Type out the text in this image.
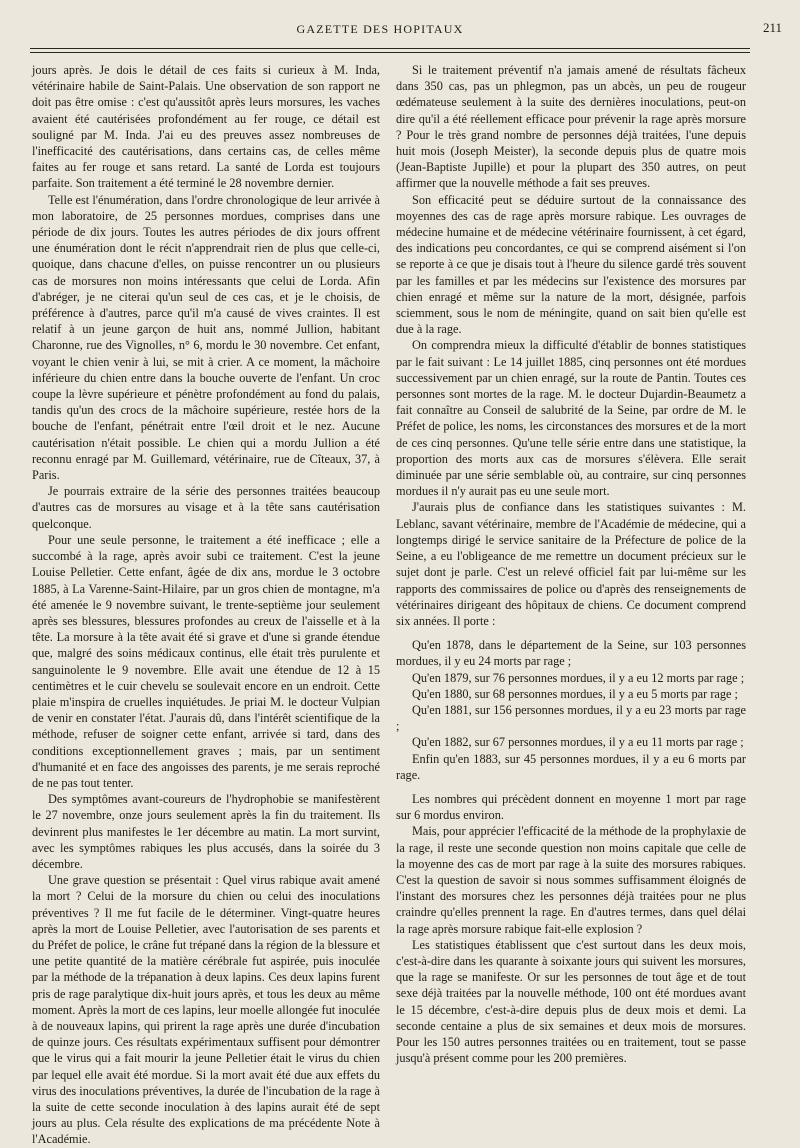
GAZETTE DES HOPITAUX	211

jours après. Je dois le détail de ces faits si curieux à M. Inda, vétérinaire habile de Saint-Palais. Une observation de son rapport ne doit pas être omise : c'est qu'aussitôt après leurs morsures, les vaches avaient été cautérisées profondément au fer rouge, ce détail est souligné par M. Inda. J'ai eu des preuves assez nombreuses de l'inefficacité des cautérisations, dans certains cas, de celles même faites au fer rouge et sans retard. La santé de Lorda est toujours parfaite. Son traitement a été terminé le 28 novembre dernier.

Telle est l'énumération, dans l'ordre chronologique de leur arrivée à mon laboratoire, de 25 personnes mordues, comprises dans une période de dix jours. Toutes les autres périodes de dix jours offrent une énumération dont le récit n'apprendrait rien de plus que celle-ci, quoique, dans chacune d'elles, on puisse rencontrer un ou plusieurs cas de morsures non moins intéressants que celui de Lorda. Afin d'abréger, je ne citerai qu'un seul de ces cas, et je le choisis, de préférence à d'autres, parce qu'il m'a causé de vives craintes. Il est relatif à un jeune garçon de huit ans, nommé Jullion, habitant Charonne, rue des Vignolles, n° 6, mordu le 30 novembre. Cet enfant, voyant le chien venir à lui, se mit à crier. A ce moment, la mâchoire inférieure du chien entre dans la bouche ouverte de l'enfant. Un croc coupe la lèvre supérieure et pénètre profondément au fond du palais, tandis qu'un des crocs de la mâchoire supérieure, restée hors de la bouche de l'enfant, pénétrait entre l'œil droit et le nez. Aucune cautérisation n'était possible. Le chien qui a mordu Jullion a été reconnu enragé par M. Guillemard, vétérinaire, rue de Cîteaux, 37, à Paris.

Je pourrais extraire de la série des personnes traitées beaucoup d'autres cas de morsures au visage et à la tête sans cautérisation quelconque.

Pour une seule personne, le traitement a été inefficace ; elle a succombé à la rage, après avoir subi ce traitement. C'est la jeune Louise Pelletier. Cette enfant, âgée de dix ans, mordue le 3 octobre 1885, à La Varenne-Saint-Hilaire, par un gros chien de montagne, m'a été amenée le 9 novembre suivant, le trente-septième jour seulement après ses blessures, blessures profondes au creux de l'aisselle et à la tête. La morsure à la tête avait été si grave et d'une si grande étendue que, malgré des soins médicaux continus, elle était très purulente et sanguinolente le 9 novembre. Elle avait une étendue de 12 à 15 centimètres et le cuir chevelu se soulevait encore en un endroit. Cette plaie m'inspira de cruelles inquiétudes. Je priai M. le docteur Vulpian de venir en constater l'état. J'aurais dû, dans l'intérêt scientifique de la méthode, refuser de soigner cette enfant, arrivée si tard, dans des conditions exceptionnellement graves ; mais, par un sentiment d'humanité et en face des angoisses des parents, je me serais reproché de ne pas tout tenter.

Des symptômes avant-coureurs de l'hydrophobie se manifestèrent le 27 novembre, onze jours seulement après la fin du traitement. Ils devinrent plus manifestes le 1er décembre au matin. La mort survint, avec les symptômes rabiques les plus accusés, dans la soirée du 3 décembre.

Une grave question se présentait : Quel virus rabique avait amené la mort ? Celui de la morsure du chien ou celui des inoculations préventives ? Il me fut facile de le déterminer. Vingt-quatre heures après la mort de Louise Pelletier, avec l'autorisation de ses parents et du Préfet de police, le crâne fut trépané dans la région de la blessure et une petite quantité de la matière cérébrale fut aspirée, puis inoculée par la méthode de la trépanation à deux lapins. Ces deux lapins furent pris de rage paralytique dix-huit jours après, et tous les deux au même moment. Après la mort de ces lapins, leur moelle allongée fut inoculée à de nouveaux lapins, qui prirent la rage après une durée d'incubation de quinze jours. Ces résultats expérimentaux suffisent pour démontrer que le virus qui a fait mourir la jeune Pelletier était le virus du chien par lequel elle avait été mordue. Si la mort avait été due aux effets du virus des inoculations préventives, la durée de l'incubation de la rage à la suite de cette seconde inoculation à des lapins aurait été de sept jours au plus. Cela résulte des explications de ma précédente Note à l'Académie.

Si le traitement préventif n'a jamais amené de résultats fâcheux dans 350 cas, pas un phlegmon, pas un abcès, un peu de rougeur œdémateuse seulement à la suite des dernières inoculations, peut-on dire qu'il a été réellement efficace pour prévenir la rage après morsure ? Pour le très grand nombre de personnes déjà traitées, l'une depuis huit mois (Joseph Meister), la seconde depuis plus de quatre mois (Jean-Baptiste Jupille) et pour la plupart des 350 autres, on peut affirmer que la nouvelle méthode a fait ses preuves.

Son efficacité peut se déduire surtout de la connaissance des moyennes des cas de rage après morsure rabique. Les ouvrages de médecine humaine et de médecine vétérinaire fournissent, à cet égard, des indications peu concordantes, ce qui se comprend aisément si l'on se reporte à ce que je disais tout à l'heure du silence gardé très souvent par les familles et par les médecins sur l'existence des morsures par chien enragé et même sur la nature de la mort, désignée, parfois sciemment, sous le nom de méningite, quand on sait bien qu'elle est due à la rage.

On comprendra mieux la difficulté d'établir de bonnes statistiques par le fait suivant : Le 14 juillet 1885, cinq personnes ont été mordues successivement par un chien enragé, sur la route de Pantin. Toutes ces personnes sont mortes de la rage. M. le docteur Dujardin-Beaumetz a fait connaître au Conseil de salubrité de la Seine, par ordre de M. le Préfet de police, les noms, les circonstances des morsures et de la mort de ces cinq personnes. Qu'une telle série entre dans une statistique, la proportion des morts aux cas de morsures s'élèvera. Elle serait diminuée par une série semblable où, au contraire, sur cinq personnes mordues il n'y aurait pas eu une seule mort.

J'aurais plus de confiance dans les statistiques suivantes : M. Leblanc, savant vétérinaire, membre de l'Académie de médecine, qui a longtemps dirigé le service sanitaire de la Préfecture de police de la Seine, a eu l'obligeance de me remettre un document précieux sur le sujet dont je parle. C'est un relevé officiel fait par lui-même sur les rapports des commissaires de police ou d'après des renseignements de vétérinaires dirigeant des hôpitaux de chiens. Ce document comprend six années. Il porte :

Qu'en 1878, dans le département de la Seine, sur 103 personnes mordues, il y eu 24 morts par rage ;

Qu'en 1879, sur 76 personnes mordues, il y a eu 12 morts par rage ;

Qu'en 1880, sur 68 personnes mordues, il y a eu 5 morts par rage ;

Qu'en 1881, sur 156 personnes mordues, il y a eu 23 morts par rage ;

Qu'en 1882, sur 67 personnes mordues, il y a eu 11 morts par rage ;

Enfin qu'en 1883, sur 45 personnes mordues, il y a eu 6 morts par rage.

Les nombres qui précèdent donnent en moyenne 1 mort par rage sur 6 mordus environ.

Mais, pour apprécier l'efficacité de la méthode de la prophylaxie de la rage, il reste une seconde question non moins capitale que celle de la moyenne des cas de mort par rage à la suite des morsures rabiques. C'est la question de savoir si nous sommes suffisamment éloignés de l'instant des morsures chez les personnes déjà traitées pour ne plus craindre qu'elles prennent la rage. En d'autres termes, dans quel délai la rage après morsure rabique fait-elle explosion ?

Les statistiques établissent que c'est surtout dans les deux mois, c'est-à-dire dans les quarante à soixante jours qui suivent les morsures, que la rage se manifeste. Or sur les personnes de tout âge et de tout sexe déjà traitées par la nouvelle méthode, 100 ont été mordues avant le 15 décembre, c'est-à-dire depuis plus de deux mois et demi. La seconde centaine a plus de six semaines et deux mois de morsures. Pour les 150 autres personnes traitées ou en traitement, tout se passe jusqu'à présent comme pour les 200 premières.
